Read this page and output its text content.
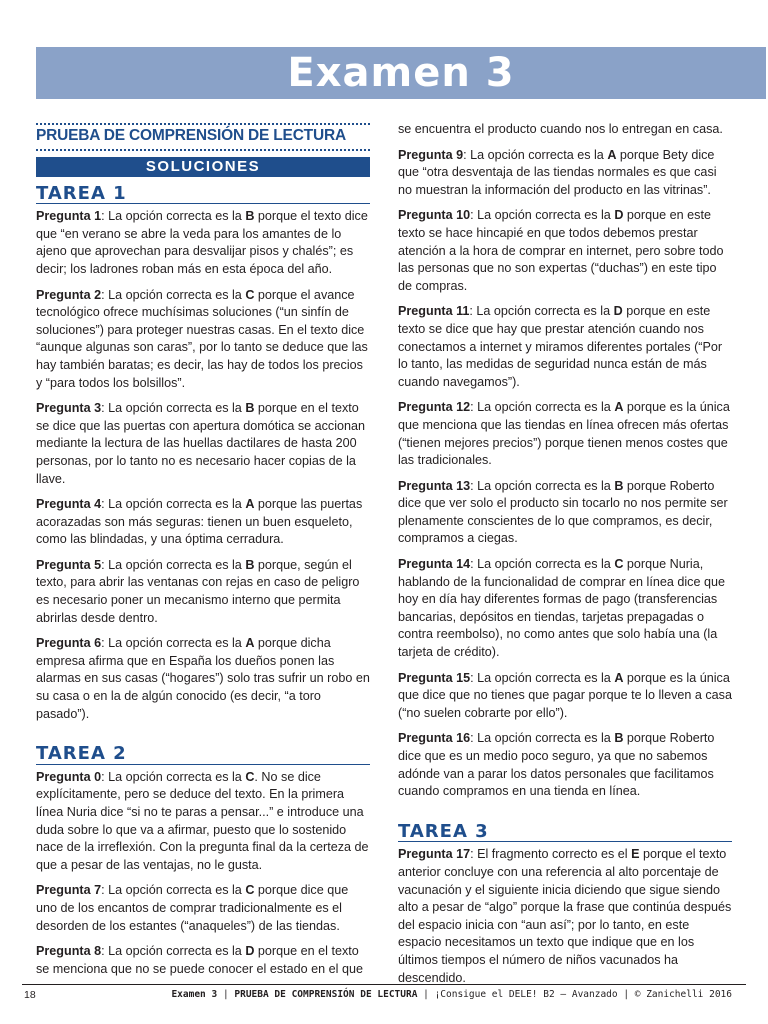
Examen 3
PRUEBA DE COMPRENSIÓN DE LECTURA
SOLUCIONES
TAREA 1

Pregunta 1: La opción correcta es la B porque el texto dice que “en verano se abre la veda para los amantes de lo ajeno que aprovechan para desvalijar pisos y chalés”; es decir; los ladrones roban más en esta época del año.

Pregunta 2: La opción correcta es la C porque el avance tecnológico ofrece muchísimas soluciones (“un sinfín de soluciones”) para proteger nuestras casas. En el texto dice “aunque algunas son caras”, por lo tanto se deduce que las hay también baratas; es decir, las hay de todos los precios y “para todos los bolsillos”.

Pregunta 3: La opción correcta es la B porque en el texto se dice que las puertas con apertura domótica se accionan mediante la lectura de las huellas dactilares de hasta 200 personas, por lo tanto no es necesario hacer copias de la llave.

Pregunta 4: La opción correcta es la A porque las puertas acorazadas son más seguras: tienen un buen esqueleto, como las blindadas, y una óptima cerradura.

Pregunta 5: La opción correcta es la B porque, según el texto, para abrir las ventanas con rejas en caso de peligro es necesario poner un mecanismo interno que permita abrirlas desde dentro.

Pregunta 6: La opción correcta es la A porque dicha empresa afirma que en España los dueños ponen las alarmas en sus casas (“hogares”) solo tras sufrir un robo en su casa o en la de algún conocido (es decir, “a toro pasado”).

TAREA 2

Pregunta 0: La opción correcta es la C. No se dice explícitamente, pero se deduce del texto. En la primera línea Nuria dice “si no te paras a pensar...” e introduce una duda sobre lo que va a afirmar, puesto que lo sostenido nace de la irreflexión. Con la pregunta final da la certeza de que a pesar de las ventajas, no le gusta.

Pregunta 7: La opción correcta es la C porque dice que uno de los encantos de comprar tradicionalmente es el desorden de los estantes (“anaqueles”) de las tiendas.

Pregunta 8: La opción correcta es la D porque en el texto se menciona que no se puede conocer el estado en el que

se encuentra el producto cuando nos lo entregan en casa.

Pregunta 9: La opción correcta es la A porque Bety dice que “otra desventaja de las tiendas normales es que casi no muestran la información del producto en las vitrinas”.

Pregunta 10: La opción correcta es la D porque en este texto se hace hincapié en que todos debemos prestar atención a la hora de comprar en internet, pero sobre todo las personas que no son expertas (“duchas”) en este tipo de compras.

Pregunta 11: La opción correcta es la D porque en este texto se dice que hay que prestar atención cuando nos conectamos a internet y miramos diferentes portales (“Por lo tanto, las medidas de seguridad nunca están de más cuando navegamos”).

Pregunta 12: La opción correcta es la A porque es la única que menciona que las tiendas en línea ofrecen más ofertas (“tienen mejores precios”) porque tienen menos costes que las tradicionales.

Pregunta 13: La opción correcta es la B porque Roberto dice que ver solo el producto sin tocarlo no nos permite ser plenamente conscientes de lo que compramos, es decir, compramos a ciegas.

Pregunta 14: La opción correcta es la C porque Nuria, hablando de la funcionalidad de comprar en línea dice que hoy en día hay diferentes formas de pago (transferencias bancarias, depósitos en tiendas, tarjetas prepagadas o contra reembolso), no como antes que solo había una (la tarjeta de crédito).

Pregunta 15: La opción correcta es la A porque es la única que dice que no tienes que pagar porque te lo lleven a casa (“no suelen cobrarte por ello”).

Pregunta 16: La opción correcta es la B porque Roberto dice que es un medio poco seguro, ya que no sabemos adónde van a parar los datos personales que facilitamos cuando compramos en una tienda en línea.

TAREA 3

Pregunta 17: El fragmento correcto es el E porque el texto anterior concluye con una referencia al alto porcentaje de vacunación y el siguiente inicia diciendo que sigue siendo alto a pesar de “algo” porque la frase que continúa después del espacio inicia con “aun así”; por lo tanto, en este espacio necesitamos un texto que indique que en los últimos tiempos el número de niños vacunados ha descendido.

18	Examen 3 | PRUEBA DE COMPRENSIÓN DE LECTURA | ¡Consigue el DELE! B2 – Avanzado | © Zanichelli 2016
